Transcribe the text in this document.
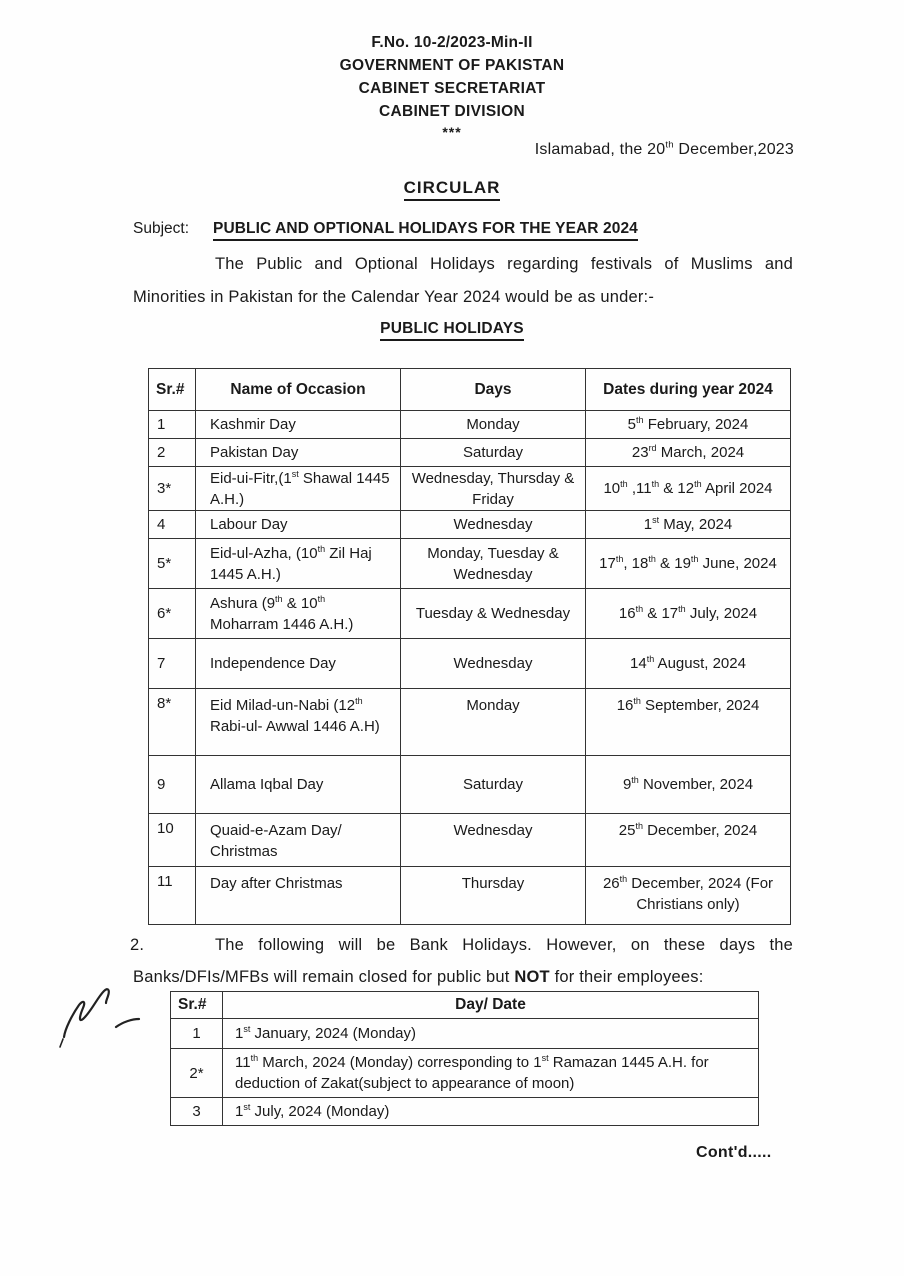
F.No. 10-2/2023-Min-II
GOVERNMENT OF PAKISTAN
CABINET SECRETARIAT
CABINET DIVISION
***
Islamabad, the 20th December,2023
CIRCULAR
Subject: PUBLIC AND OPTIONAL HOLIDAYS FOR THE YEAR 2024

The Public and Optional Holidays regarding festivals of Muslims and Minorities in Pakistan for the Calendar Year 2024 would be as under:-

PUBLIC HOLIDAYS
Sr.#	Name of Occasion	Days	Dates during year 2024
1	Kashmir Day	Monday	5th February, 2024
2	Pakistan Day	Saturday	23rd March, 2024
3*	Eid-ui-Fitr,(1st Shawal 1445 A.H.)	Wednesday, Thursday & Friday	10th ,11th & 12th April 2024
4	Labour Day	Wednesday	1st May, 2024
5*	Eid-ul-Azha, (10th Zil Haj 1445 A.H.)	Monday, Tuesday & Wednesday	17th, 18th & 19th June, 2024
6*	Ashura (9th & 10th Moharram 1446 A.H.)	Tuesday & Wednesday	16th & 17th July, 2024
7	Independence Day	Wednesday	14th August, 2024
8*	Eid Milad-un-Nabi (12th Rabi-ul- Awwal 1446 A.H)	Monday	16th September, 2024
9	Allama Iqbal Day	Saturday	9th November, 2024
10	Quaid-e-Azam Day/ Christmas	Wednesday	25th December, 2024
11	Day after Christmas	Thursday	26th December, 2024 (For Christians only)
2.	The following will be Bank Holidays. However, on these days the Banks/DFIs/MFBs will remain closed for public but NOT for their employees:
Sr.#	Day/ Date
1	1st January, 2024 (Monday)
2*	11th March, 2024 (Monday) corresponding to 1st Ramazan 1445 A.H. for deduction of Zakat(subject to appearance of moon)
3	1st July, 2024 (Monday)
Cont'd.....
